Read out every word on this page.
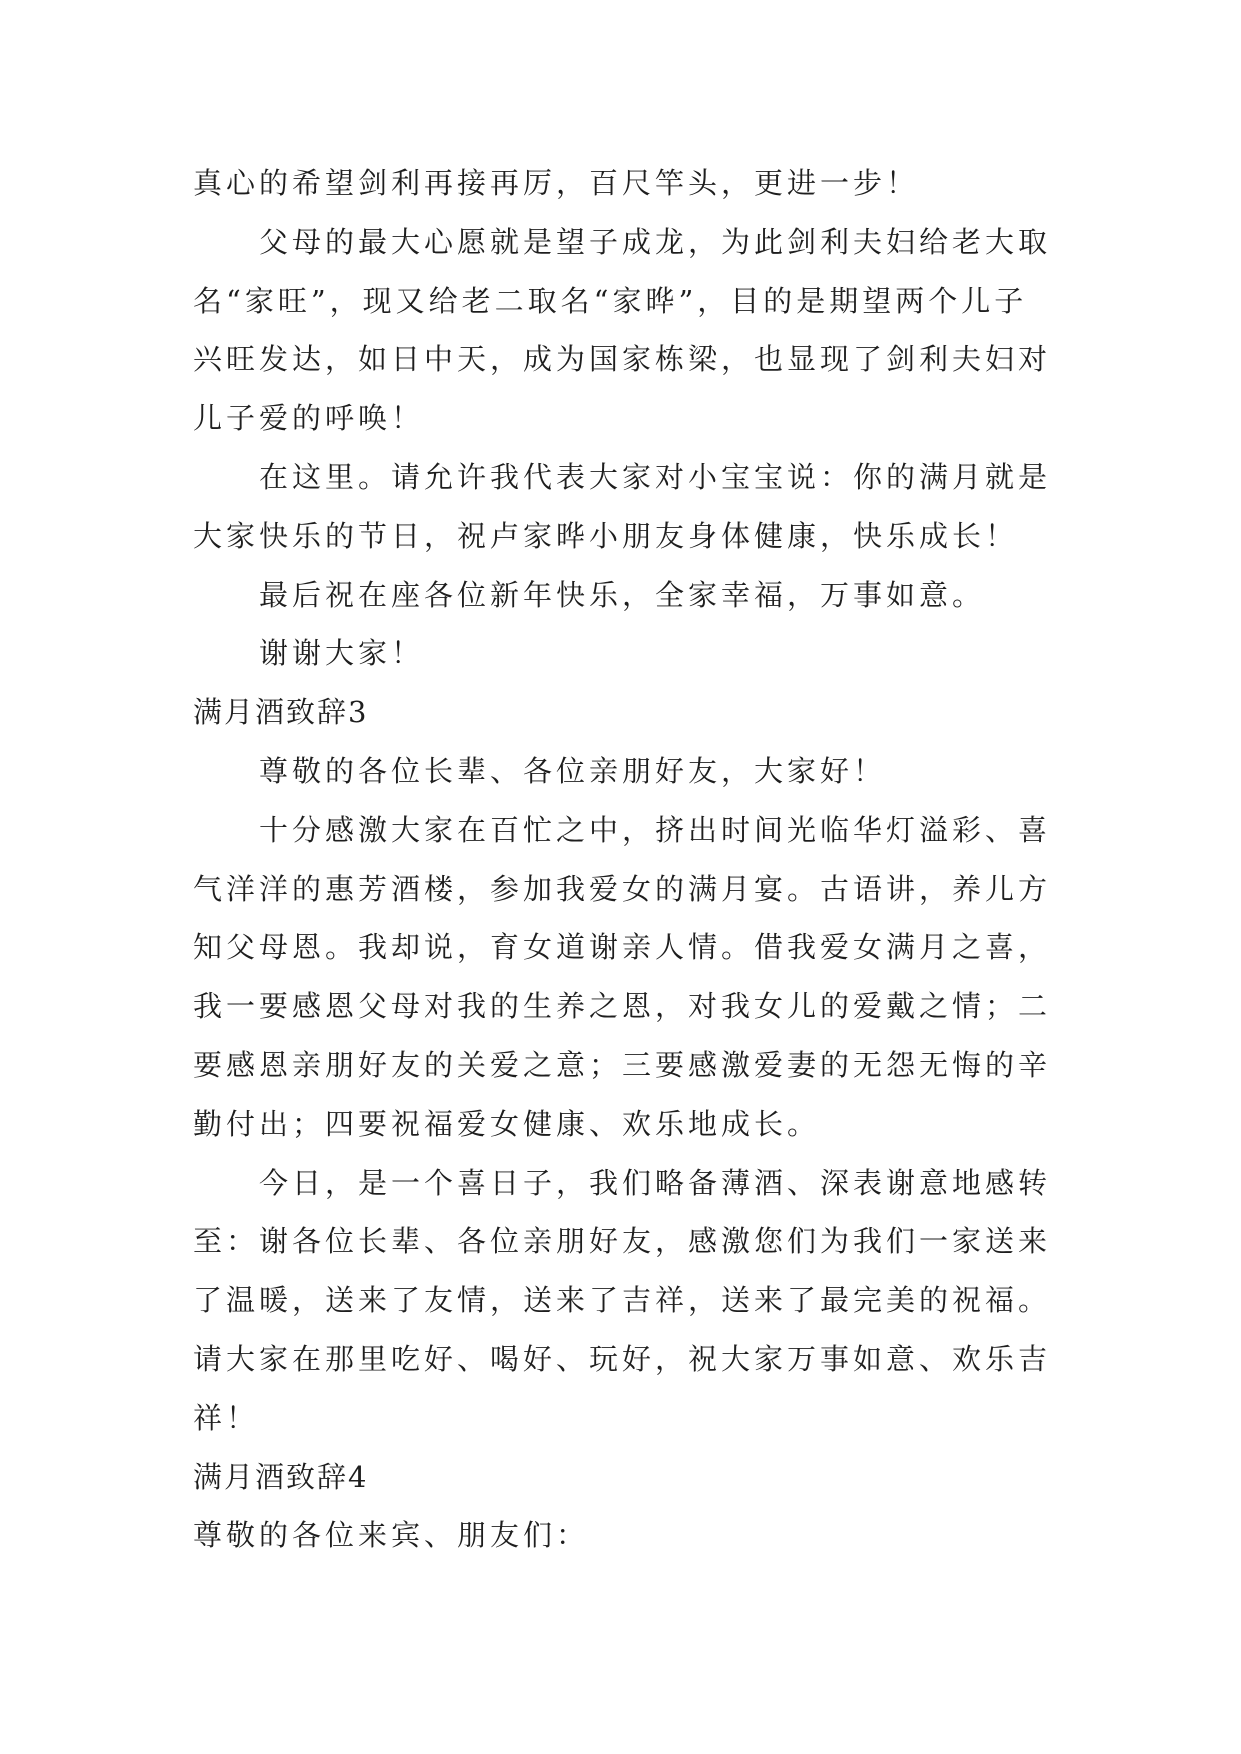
真心的希望剑利再接再厉，百尺竿头，更进一步！
父母的最大心愿就是望子成龙，为此剑利夫妇给老大取
名“家旺”，现又给老二取名“家晔”，目的是期望两个儿子
兴旺发达，如日中天，成为国家栋梁，也显现了剑利夫妇对
儿子爱的呼唤！
在这里。请允许我代表大家对小宝宝说：你的满月就是
大家快乐的节日，祝卢家晔小朋友身体健康，快乐成长！
最后祝在座各位新年快乐，全家幸福，万事如意。
谢谢大家！
满月酒致辞3
尊敬的各位长辈、各位亲朋好友，大家好！
十分感激大家在百忙之中，挤出时间光临华灯溢彩、喜
气洋洋的惠芳酒楼，参加我爱女的满月宴。古语讲，养儿方
知父母恩。我却说，育女道谢亲人情。借我爱女满月之喜，
我一要感恩父母对我的生养之恩，对我女儿的爱戴之情；二
要感恩亲朋好友的关爱之意；三要感激爱妻的无怨无悔的辛
勤付出；四要祝福爱女健康、欢乐地成长。
今日，是一个喜日子，我们略备薄酒、深表谢意地感转
至：谢各位长辈、各位亲朋好友，感激您们为我们一家送来
了温暖，送来了友情，送来了吉祥，送来了最完美的祝福。
请大家在那里吃好、喝好、玩好，祝大家万事如意、欢乐吉
祥！
满月酒致辞4
尊敬的各位来宾、朋友们：
